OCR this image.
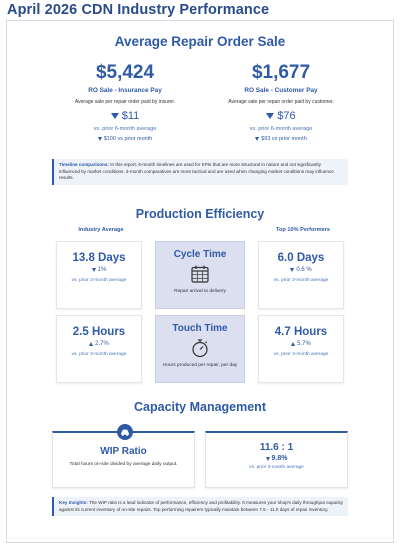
April 2026 CDN Industry Performance
Average Repair Order Sale
$5,424
RO Sale - Insurance Pay
Average sale per repair order paid by insurer.
$11
vs. prior 6-month average
$100 vs prior month
$1,677
RO Sale - Customer Pay
Average sale per repair order paid by customer.
$76
vs. prior 6-month average
$93 vs prior month
Timeline comparisons: In this report, 6-month timelines are used for KPIs that are more structural in nature and not significantly influenced by market conditions. 3-month comparatives are more tactical and are used when changing market conditions may influence results.
Production Efficiency
Industry Average	Top 10% Performers
13.8 Days
1%
vs. prior 3-month average
Cycle Time
Repair arrival to delivery
6.0 Days
0.6 %
vs. prior 3-month average
2.5 Hours
2.7%
vs. prior 3-month average
Touch Time
Hours produced per repair, per day
4.7 Hours
5.7%
vs. prior 3-month average
Capacity Management
WIP Ratio
Total hours on-site divided by average daily output.
11.6 : 1
9.8%
vs. prior 3-month average
Key Insights: The WIP ratio is a lead indicator of performance, efficiency and profitability. It measures your shop's daily throughput capacity against its current inventory of on-site repairs. Top performing repairers typically maintain between 7.5 - 11.0 days of repair inventory.
